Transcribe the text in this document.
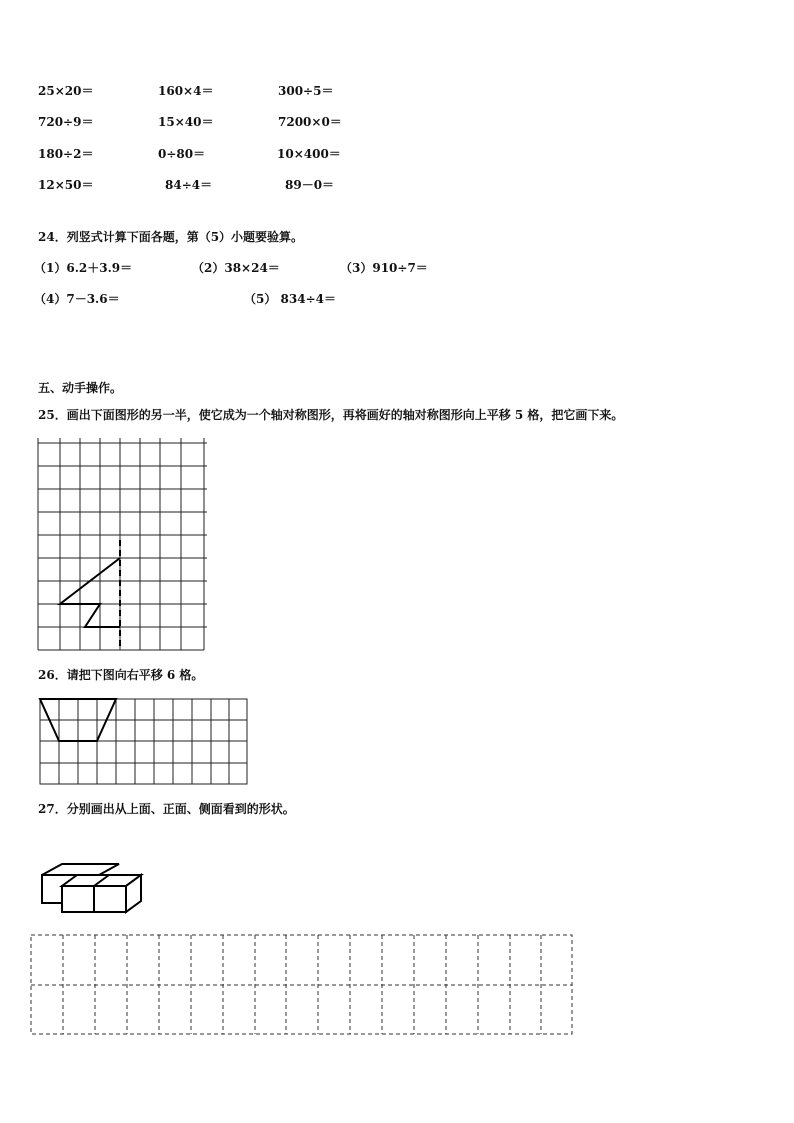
25×20＝	160×4＝	300÷5＝
720÷9＝	15×40＝	7200×0＝
180÷2＝	0÷80＝	10×400＝
12×50＝	84÷4＝	89－0＝
24．列竖式计算下面各题，第（5）小题要验算。
（1）6.2＋3.9＝	（2）38×24＝	（3）910÷7＝
（4）7－3.6＝	（5） 834÷4＝
五、动手操作。
25．画出下面图形的另一半，使它成为一个轴对称图形，再将画好的轴对称图形向上平移 5 格，把它画下来。
26．请把下图向右平移 6 格。
27．分别画出从上面、正面、侧面看到的形状。
